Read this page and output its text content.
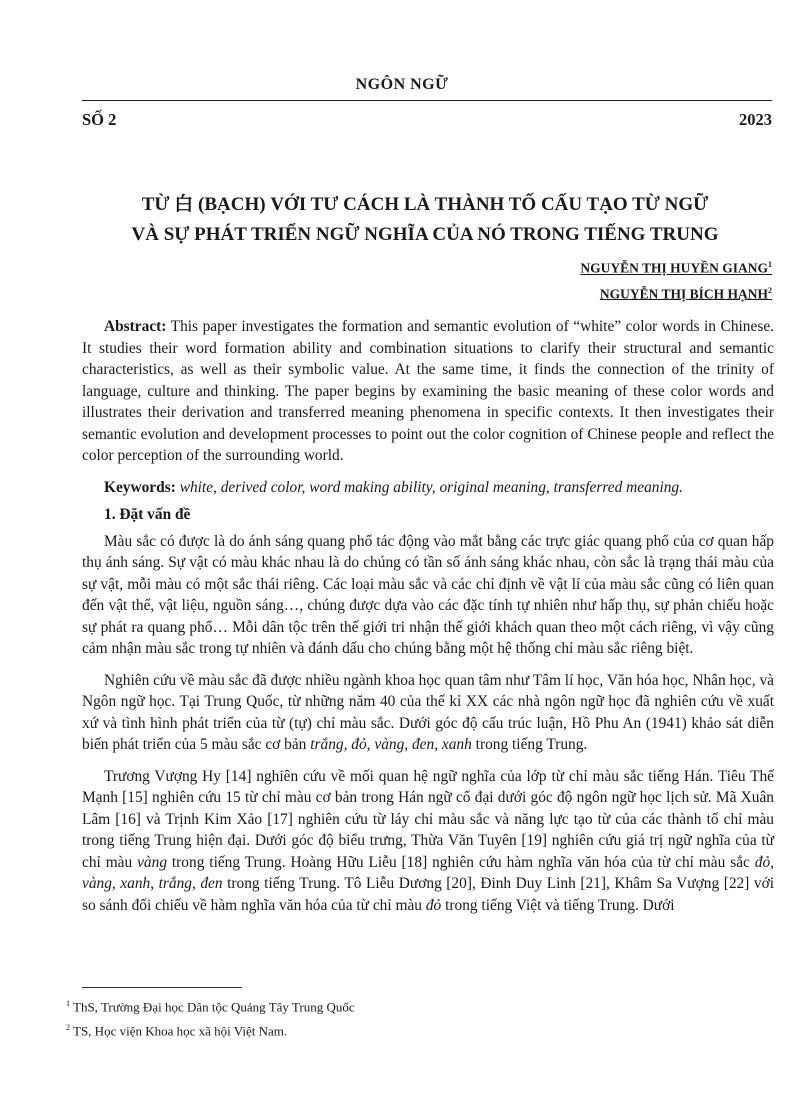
NGÔN NGỮ
SỐ 2	2023
TỪ 白 (BẠCH) VỚI TƯ CÁCH LÀ THÀNH TỐ CẤU TẠO TỪ NGỮ
VÀ SỰ PHÁT TRIỂN NGỮ NGHĨA CỦA NÓ TRONG TIẾNG TRUNG
NGUYỄN THỊ HUYỀN GIANG$^1$
NGUYỄN THỊ BÍCH HẠNH$^2$

Abstract: This paper investigates the formation and semantic evolution of “white” color words in Chinese. It studies their word formation ability and combination situations to clarify their structural and semantic characteristics, as well as their symbolic value. At the same time, it finds the connection of the trinity of language, culture and thinking. The paper begins by examining the basic meaning of these color words and illustrates their derivation and transferred meaning phenomena in specific contexts. It then investigates their semantic evolution and development processes to point out the color cognition of Chinese people and reflect the color perception of the surrounding world.

Keywords: white, derived color, word making ability, original meaning, transferred meaning.

1. Đặt vấn đề

Màu sắc có được là do ánh sáng quang phổ tác động vào mắt bằng các trực giác quang phổ của cơ quan hấp thụ ánh sáng. Sự vật có màu khác nhau là do chúng có tần số ánh sáng khác nhau, còn sắc là trạng thái màu của sự vật, mỗi màu có một sắc thái riêng. Các loại màu sắc và các chỉ định về vật lí của màu sắc cũng có liên quan đến vật thể, vật liệu, nguồn sáng…, chúng được dựa vào các đặc tính tự nhiên như hấp thụ, sự phản chiếu hoặc sự phát ra quang phổ… Mỗi dân tộc trên thế giới tri nhận thế giới khách quan theo một cách riêng, vì vậy cũng cảm nhận màu sắc trong tự nhiên và đánh dấu cho chúng bằng một hệ thống chỉ màu sắc riêng biệt.

Nghiên cứu về màu sắc đã được nhiều ngành khoa học quan tâm như Tâm lí học, Văn hóa học, Nhân học, và Ngôn ngữ học. Tại Trung Quốc, từ những năm 40 của thế kỉ XX các nhà ngôn ngữ học đã nghiên cứu về xuất xứ và tình hình phát triển của từ (tự) chỉ màu sắc. Dưới góc độ cấu trúc luận, Hồ Phu An (1941) khảo sát diễn biến phát triển của 5 màu sắc cơ bản trắng, đỏ, vàng, đen, xanh trong tiếng Trung.

Trương Vượng Hy [14] nghiên cứu về mối quan hệ ngữ nghĩa của lớp từ chỉ màu sắc tiếng Hán. Tiêu Thế Mạnh [15] nghiên cứu 15 từ chỉ màu cơ bản trong Hán ngữ cổ đại dưới góc độ ngôn ngữ học lịch sử. Mã Xuân Lâm [16] và Trịnh Kim Xảo [17] nghiên cứu từ láy chỉ màu sắc và năng lực tạo từ của các thành tố chỉ màu trong tiếng Trung hiện đại. Dưới góc độ biểu trưng, Thừa Văn Tuyên [19] nghiên cứu giá trị ngữ nghĩa của từ chỉ màu vàng trong tiếng Trung. Hoàng Hữu Liễu [18] nghiên cứu hàm nghĩa văn hóa của từ chỉ màu sắc đỏ, vàng, xanh, trắng, đen trong tiếng Trung. Tô Liễu Dương [20], Đinh Duy Linh [21], Khâm Sa Vượng [22] với so sánh đối chiếu về hàm nghĩa văn hóa của từ chỉ màu đỏ trong tiếng Việt và tiếng Trung. Dưới

$^1$ ThS, Trường Đại học Dân tộc Quảng Tây Trung Quốc
$^2$ TS, Học viện Khoa học xã hội Việt Nam.
